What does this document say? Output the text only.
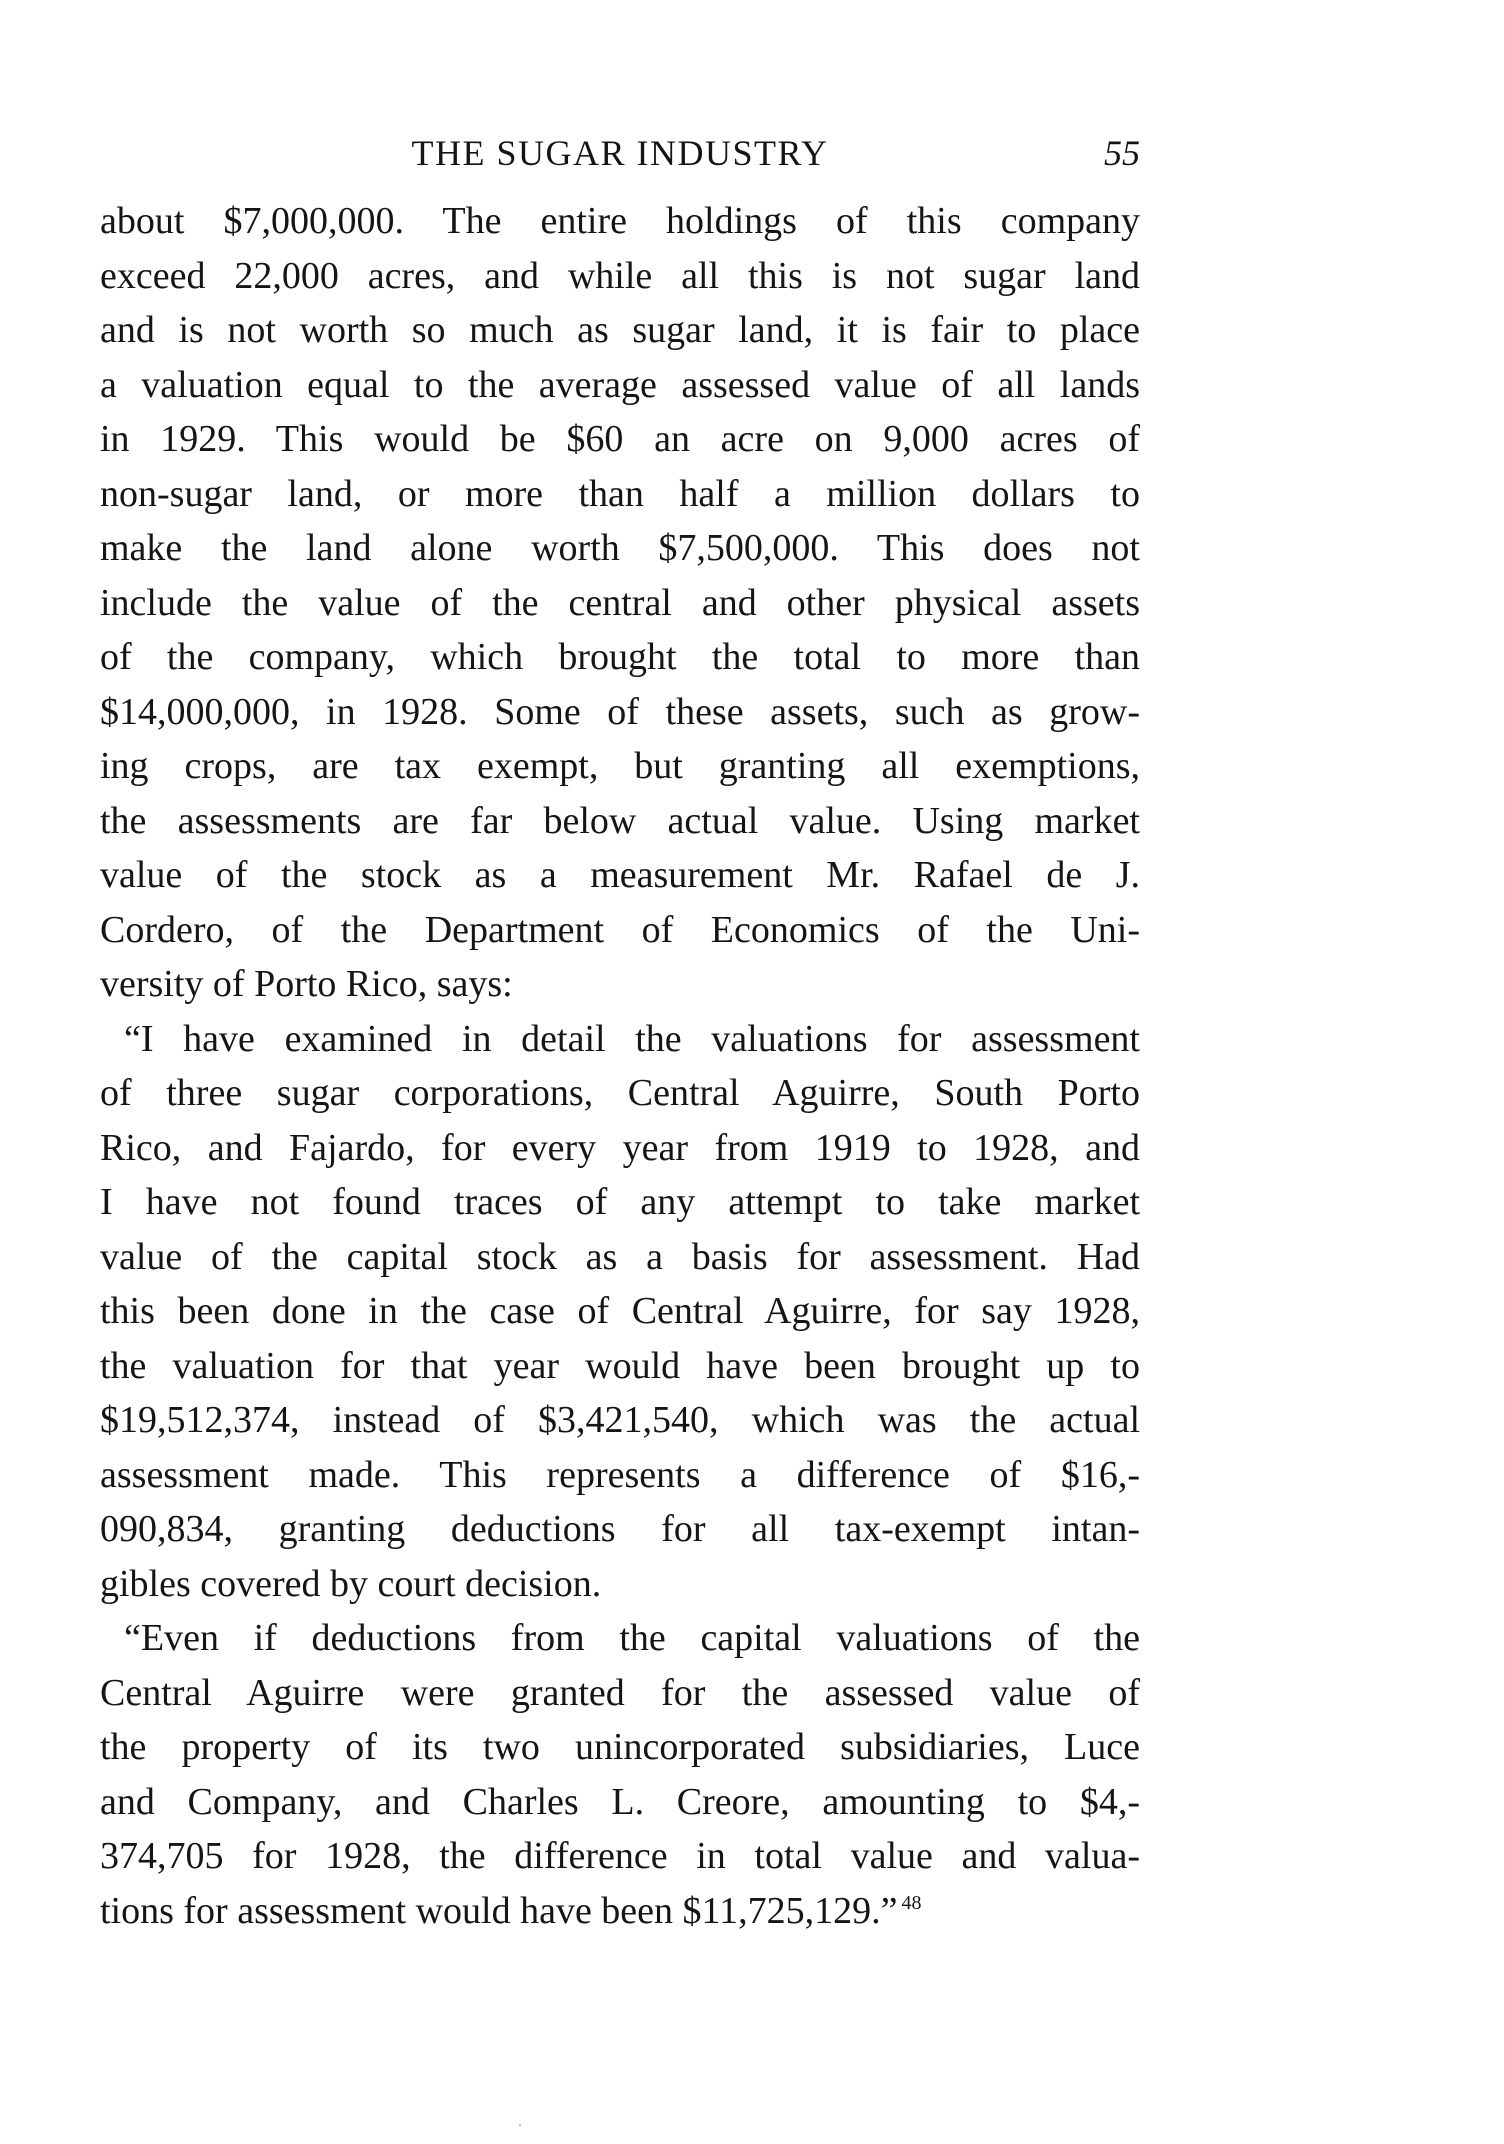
THE SUGAR INDUSTRY	55
about $7,000,000. The entire holdings of this company
exceed 22,000 acres, and while all this is not sugar land
and is not worth so much as sugar land, it is fair to place
a valuation equal to the average assessed value of all lands
in 1929. This would be $60 an acre on 9,000 acres of
non-sugar land, or more than half a million dollars to
make the land alone worth $7,500,000. This does not
include the value of the central and other physical assets
of the company, which brought the total to more than
$14,000,000, in 1928. Some of these assets, such as grow-
ing crops, are tax exempt, but granting all exemptions,
the assessments are far below actual value. Using market
value of the stock as a measurement Mr. Rafael de J.
Cordero, of the Department of Economics of the Uni-
versity of Porto Rico, says:
“I have examined in detail the valuations for assessment
of three sugar corporations, Central Aguirre, South Porto
Rico, and Fajardo, for every year from 1919 to 1928, and
I have not found traces of any attempt to take market
value of the capital stock as a basis for assessment. Had
this been done in the case of Central Aguirre, for say 1928,
the valuation for that year would have been brought up to
$19,512,374, instead of $3,421,540, which was the actual
assessment made. This represents a difference of $16,-
090,834, granting deductions for all tax-exempt intan-
gibles covered by court decision.
“Even if deductions from the capital valuations of the
Central Aguirre were granted for the assessed value of
the property of its two unincorporated subsidiaries, Luce
and Company, and Charles L. Creore, amounting to $4,-
374,705 for 1928, the difference in total value and valua-
tions for assessment would have been $11,725,129.” $^{48}$
